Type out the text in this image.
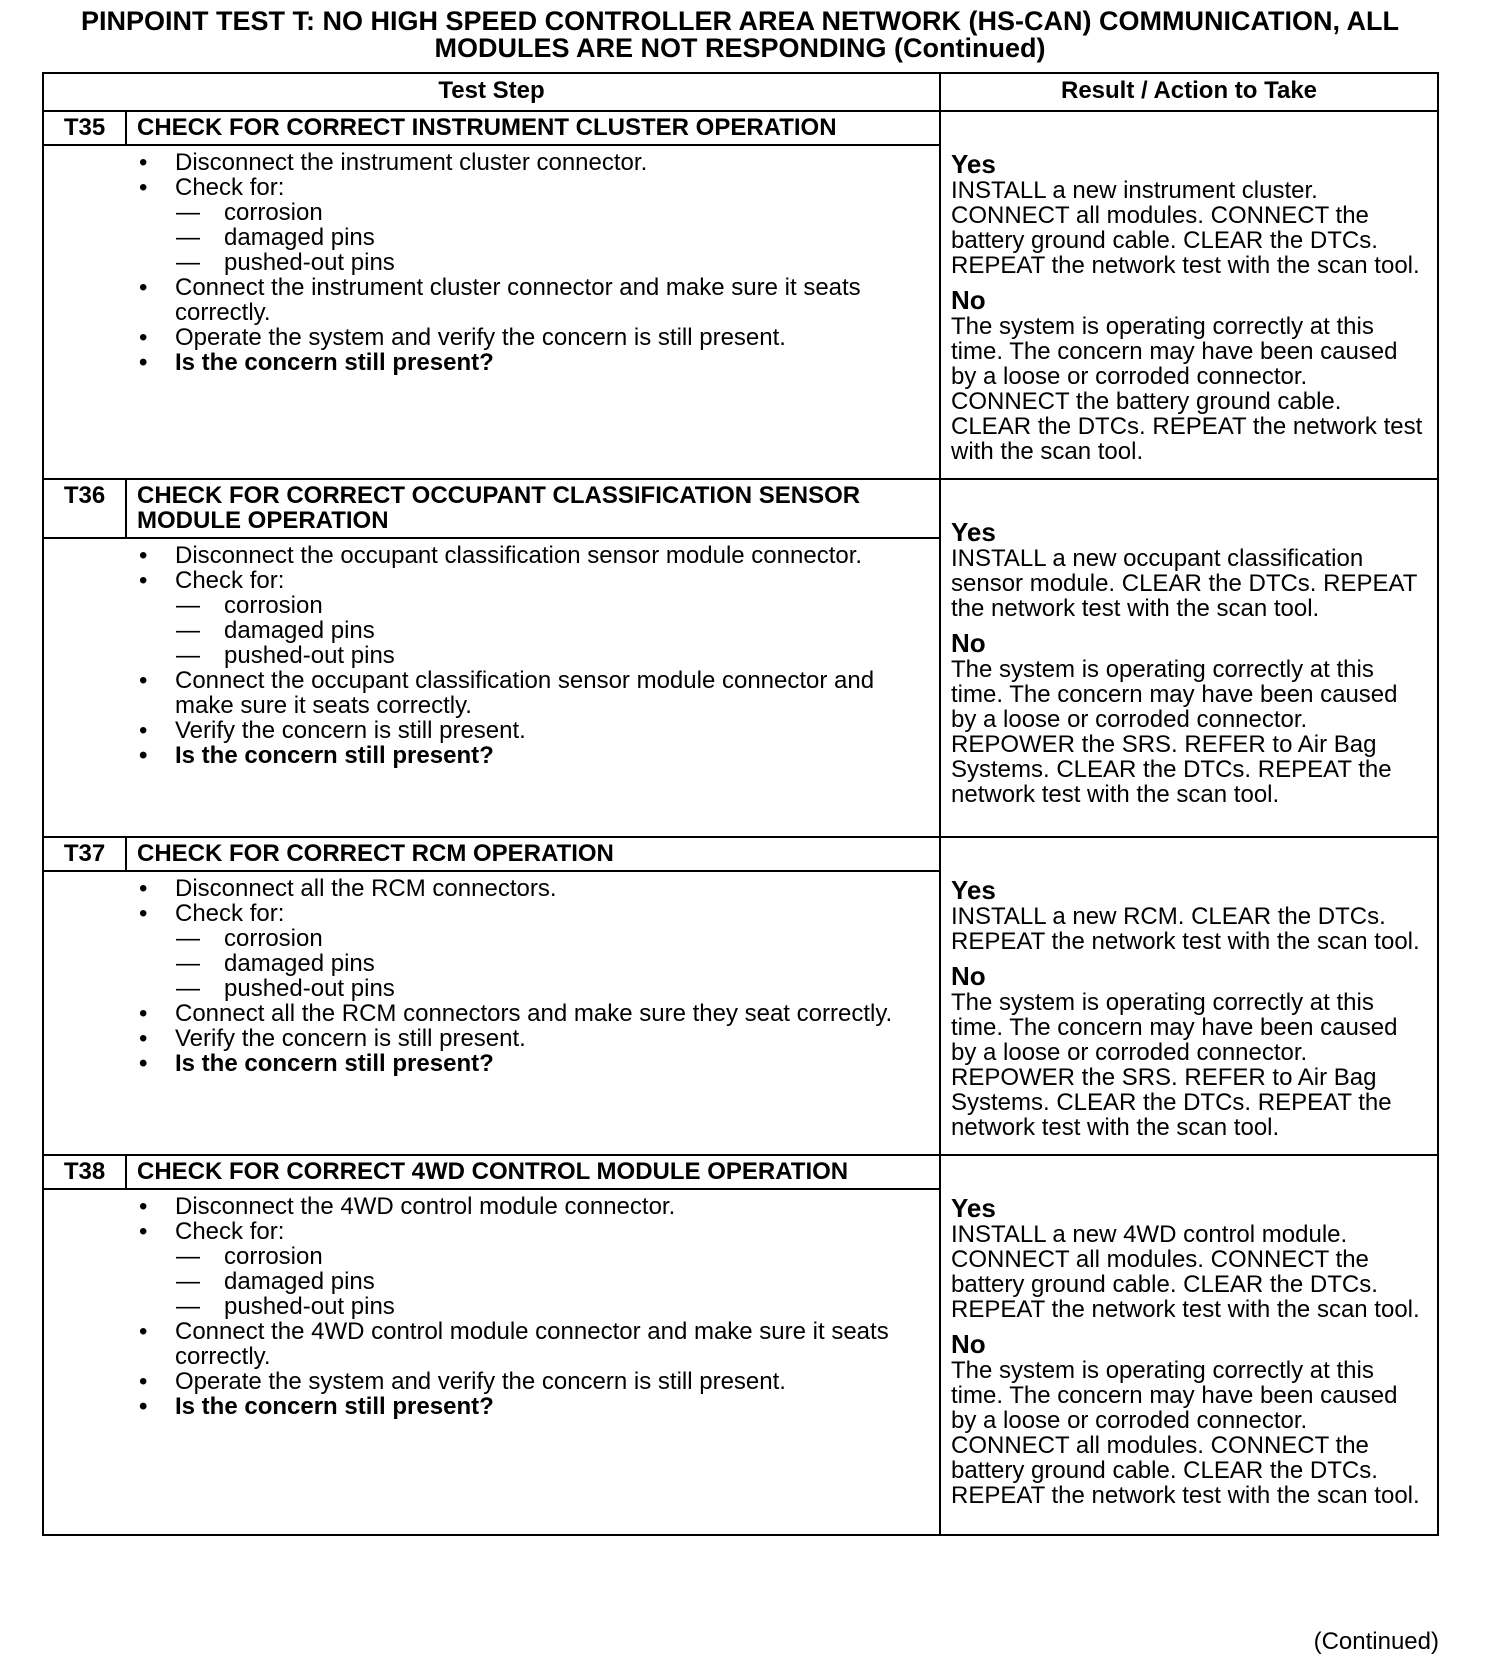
PINPOINT TEST T: NO HIGH SPEED CONTROLLER AREA NETWORK (HS-CAN) COMMUNICATION, ALL
MODULES ARE NOT RESPONDING (Continued)
Test Step	Result / Action to Take
T35	CHECK FOR CORRECT INSTRUMENT CLUSTER OPERATION
• Disconnect the instrument cluster connector.
• Check for:
— corrosion
— damaged pins
— pushed-out pins
• Connect the instrument cluster connector and make sure it seats correctly.
• Operate the system and verify the concern is still present.
• Is the concern still present?
Yes
INSTALL a new instrument cluster. CONNECT all modules. CONNECT the battery ground cable. CLEAR the DTCs. REPEAT the network test with the scan tool.
No
The system is operating correctly at this time. The concern may have been caused by a loose or corroded connector. CONNECT the battery ground cable. CLEAR the DTCs. REPEAT the network test with the scan tool.
T36	CHECK FOR CORRECT OCCUPANT CLASSIFICATION SENSOR MODULE OPERATION
• Disconnect the occupant classification sensor module connector.
• Check for:
— corrosion
— damaged pins
— pushed-out pins
• Connect the occupant classification sensor module connector and make sure it seats correctly.
• Verify the concern is still present.
• Is the concern still present?
Yes
INSTALL a new occupant classification sensor module. CLEAR the DTCs. REPEAT the network test with the scan tool.
No
The system is operating correctly at this time. The concern may have been caused by a loose or corroded connector. REPOWER the SRS. REFER to Air Bag Systems. CLEAR the DTCs. REPEAT the network test with the scan tool.
T37	CHECK FOR CORRECT RCM OPERATION
• Disconnect all the RCM connectors.
• Check for:
— corrosion
— damaged pins
— pushed-out pins
• Connect all the RCM connectors and make sure they seat correctly.
• Verify the concern is still present.
• Is the concern still present?
Yes
INSTALL a new RCM. CLEAR the DTCs. REPEAT the network test with the scan tool.
No
The system is operating correctly at this time. The concern may have been caused by a loose or corroded connector. REPOWER the SRS. REFER to Air Bag Systems. CLEAR the DTCs. REPEAT the network test with the scan tool.
T38	CHECK FOR CORRECT 4WD CONTROL MODULE OPERATION
• Disconnect the 4WD control module connector.
• Check for:
— corrosion
— damaged pins
— pushed-out pins
• Connect the 4WD control module connector and make sure it seats correctly.
• Operate the system and verify the concern is still present.
• Is the concern still present?
Yes
INSTALL a new 4WD control module. CONNECT all modules. CONNECT the battery ground cable. CLEAR the DTCs. REPEAT the network test with the scan tool.
No
The system is operating correctly at this time. The concern may have been caused by a loose or corroded connector. CONNECT all modules. CONNECT the battery ground cable. CLEAR the DTCs. REPEAT the network test with the scan tool.
(Continued)
